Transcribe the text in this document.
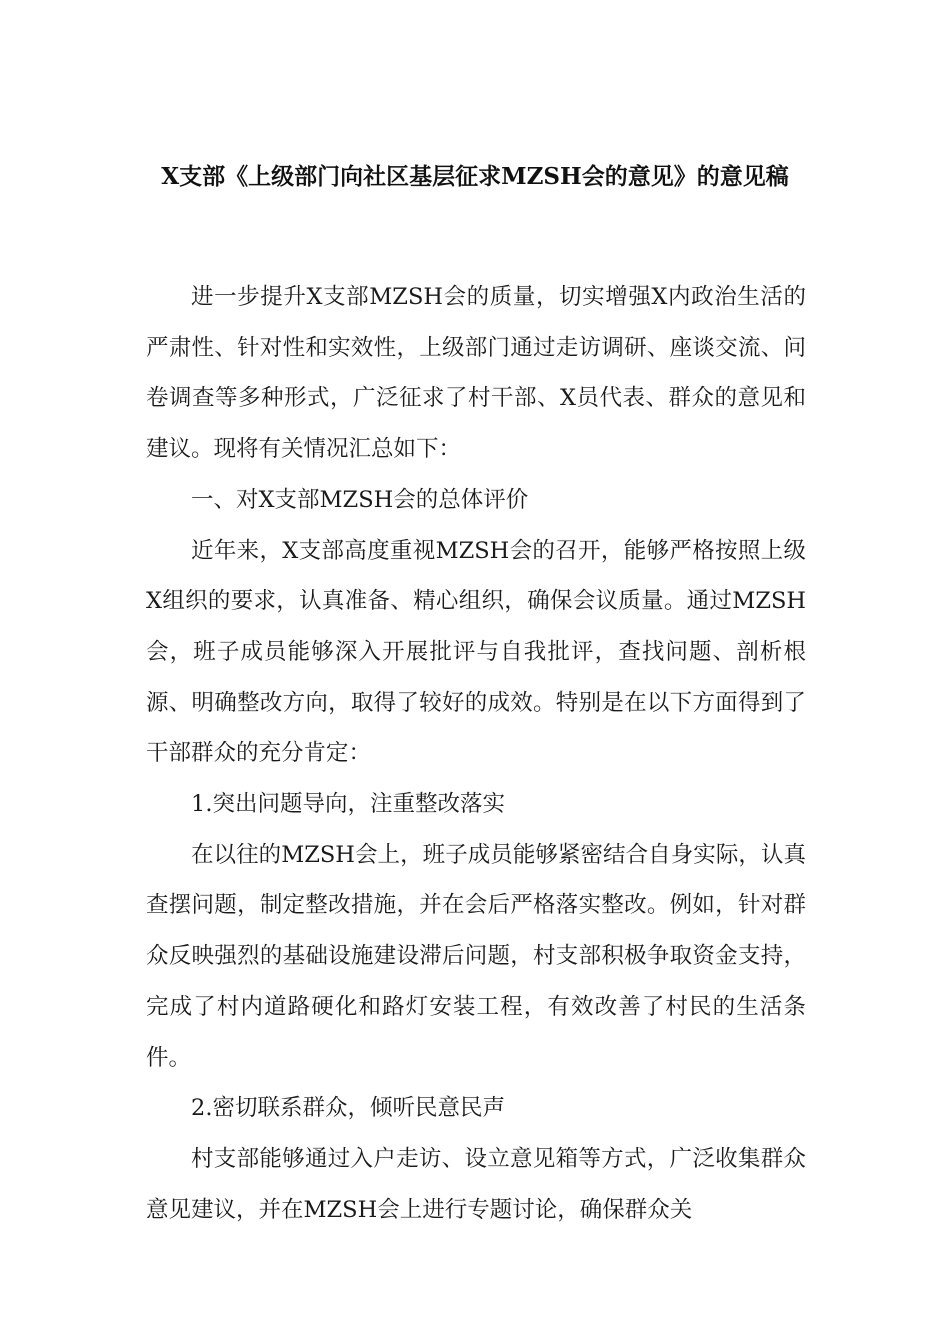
X支部《上级部门向社区基层征求MZSH会的意见》的意见稿

进一步提升X支部MZSH会的质量，切实增强X内政治生活的严肃性、针对性和实效性，上级部门通过走访调研、座谈交流、问卷调查等多种形式，广泛征求了村干部、X员代表、群众的意见和建议。现将有关情况汇总如下：

一、对X支部MZSH会的总体评价

近年来，X支部高度重视MZSH会的召开，能够严格按照上级X组织的要求，认真准备、精心组织，确保会议质量。通过MZSH会，班子成员能够深入开展批评与自我批评，查找问题、剖析根源、明确整改方向，取得了较好的成效。特别是在以下方面得到了干部群众的充分肯定：

1.突出问题导向，注重整改落实

在以往的MZSH会上，班子成员能够紧密结合自身实际，认真查摆问题，制定整改措施，并在会后严格落实整改。例如，针对群众反映强烈的基础设施建设滞后问题，村支部积极争取资金支持，完成了村内道路硬化和路灯安装工程，有效改善了村民的生活条件。

2.密切联系群众，倾听民意民声

村支部能够通过入户走访、设立意见箱等方式，广泛收集群众意见建议，并在MZSH会上进行专题讨论，确保群众关
